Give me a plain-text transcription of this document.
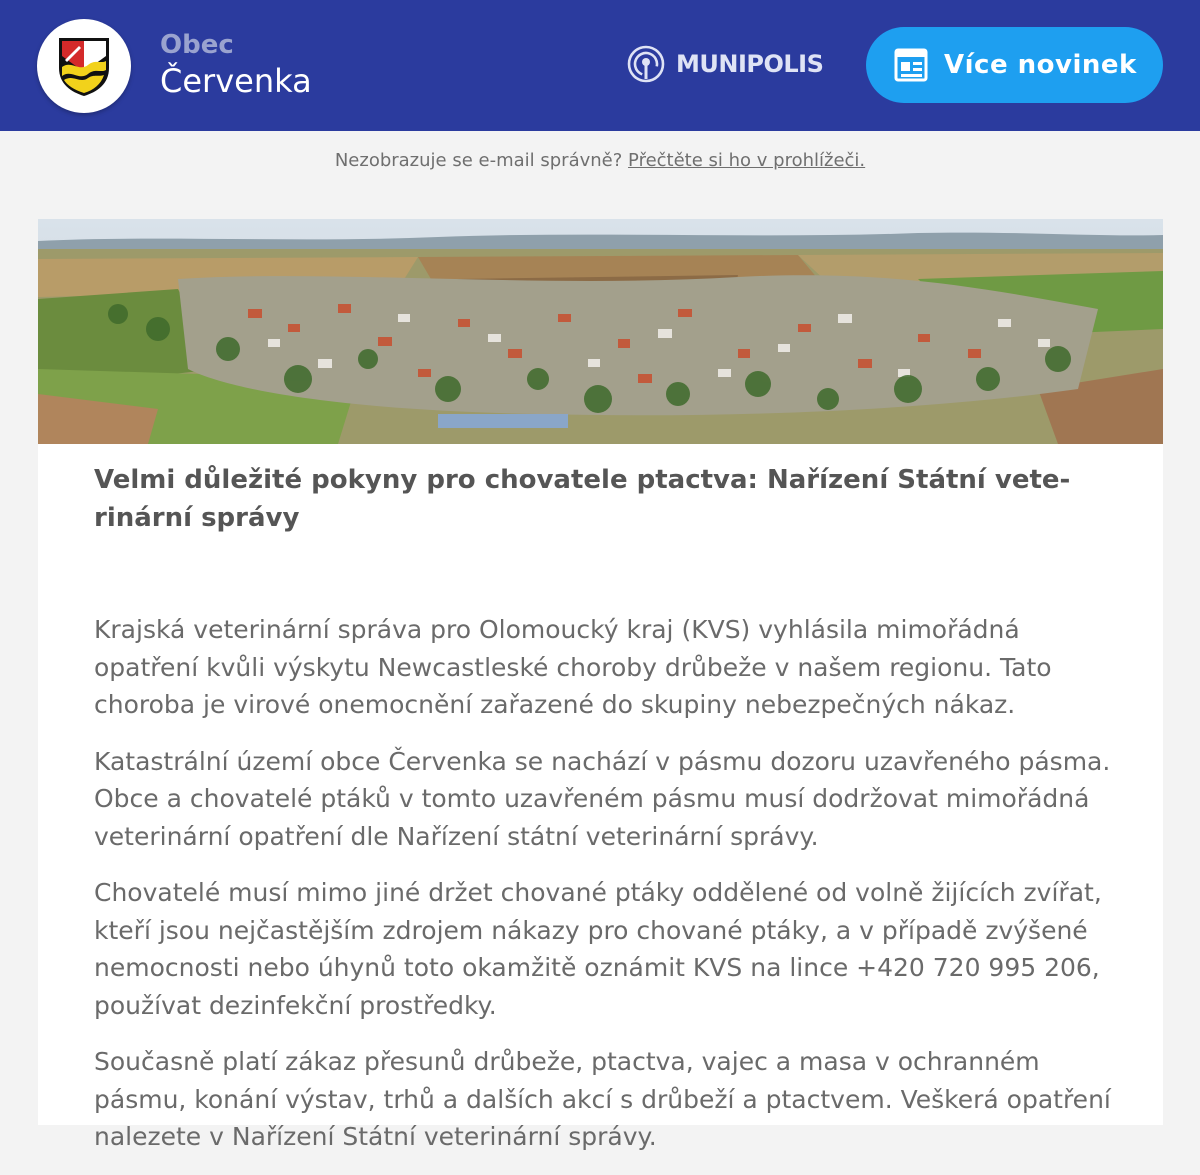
Obec
Červenka	MUNIPOLIS	Více novinek
Nezobrazuje se e-mail správně? Přečtěte si ho v prohlížeči.
Velmi důležité pokyny pro chovatele ptactva: Nařízení Státní veterinární správy

Krajská veterinární správa pro Olomoucký kraj (KVS) vyhlásila mimořádná opatření kvůli výskytu Newcastleské choroby drůbeže v našem regionu. Tato choroba je virové onemocnění zařazené do skupiny nebezpečných nákaz.

Katastrální území obce Červenka se nachází v pásmu dozoru uzavřeného pásma. Obce a chovatelé ptáků v tomto uzavřeném pásmu musí dodržovat mimořádná veterinární opatření dle Nařízení státní veterinární správy.

Chovatelé musí mimo jiné držet chované ptáky oddělené od volně žijících zvířat, kteří jsou nejčastějším zdrojem nákazy pro chované ptáky, a v případě zvýšené nemocnosti nebo úhynů toto okamžitě oznámit KVS na lince +420 720 995 206, používat dezinfekční prostředky.

Současně platí zákaz přesunů drůbeže, ptactva, vajec a masa v ochranném pásmu, konání výstav, trhů a dalších akcí s drůbeží a ptactvem. Veškerá opatření nalezete v Nařízení Státní veterinární správy.
